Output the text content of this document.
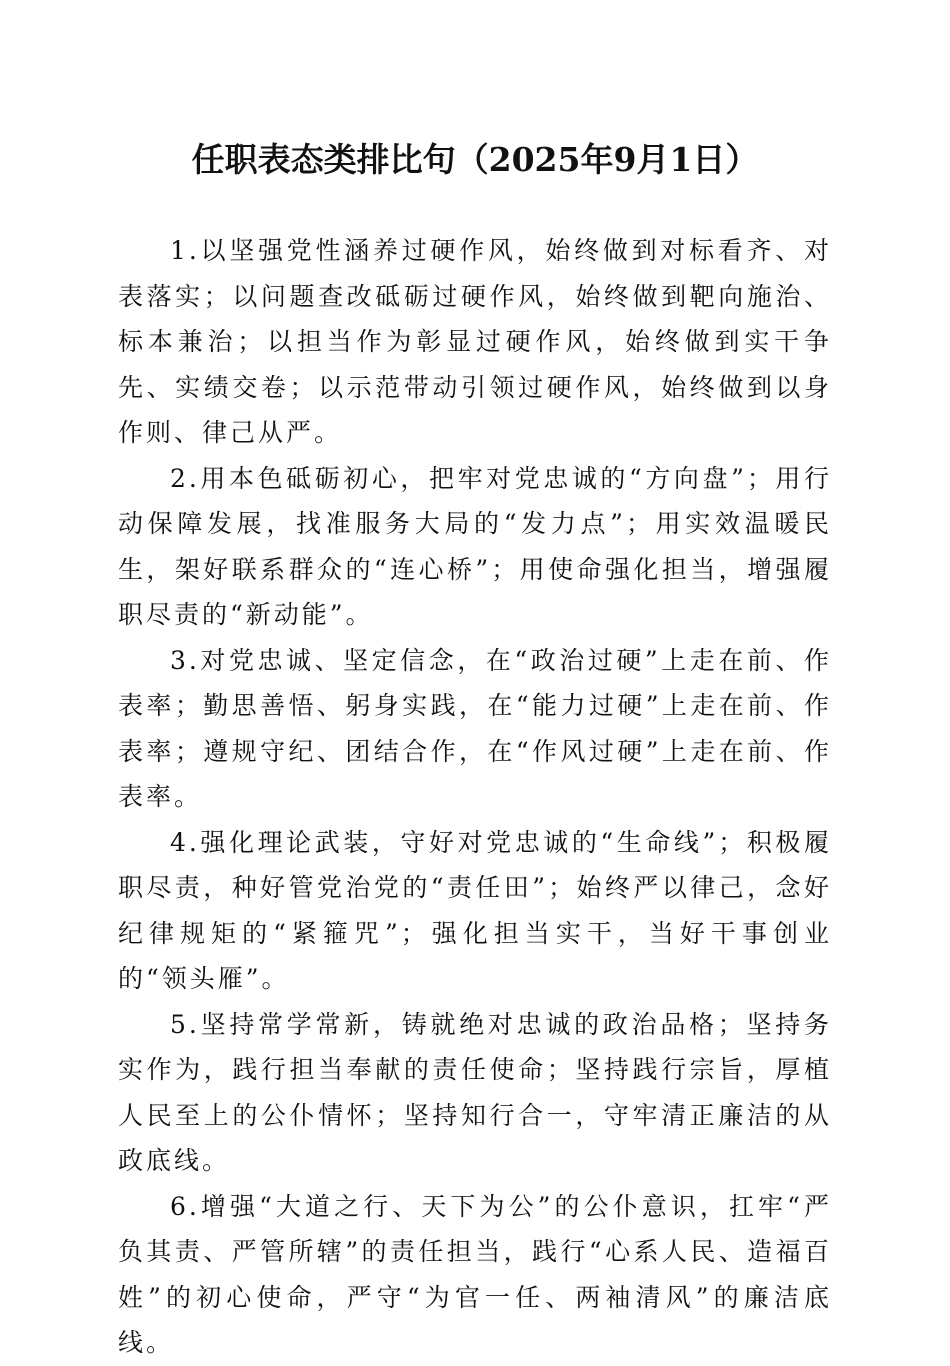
任职表态类排比句（2025年9月1日）

1.以坚强党性涵养过硬作风，始终做到对标看齐、对表落实；以问题查改砥砺过硬作风，始终做到靶向施治、标本兼治；以担当作为彰显过硬作风，始终做到实干争先、实绩交卷；以示范带动引领过硬作风，始终做到以身作则、律己从严。

2.用本色砥砺初心，把牢对党忠诚的“方向盘”；用行动保障发展，找准服务大局的“发力点”；用实效温暖民生，架好联系群众的“连心桥”；用使命强化担当，增强履职尽责的“新动能”。

3.对党忠诚、坚定信念，在“政治过硬”上走在前、作表率；勤思善悟、躬身实践，在“能力过硬”上走在前、作表率；遵规守纪、团结合作，在“作风过硬”上走在前、作表率。

4.强化理论武装，守好对党忠诚的“生命线”；积极履职尽责，种好管党治党的“责任田”；始终严以律己，念好纪律规矩的“紧箍咒”；强化担当实干，当好干事创业的“领头雁”。

5.坚持常学常新，铸就绝对忠诚的政治品格；坚持务实作为，践行担当奉献的责任使命；坚持践行宗旨，厚植人民至上的公仆情怀；坚持知行合一，守牢清正廉洁的从政底线。

6.增强“大道之行、天下为公”的公仆意识，扛牢“严负其责、严管所辖”的责任担当，践行“心系人民、造福百姓”的初心使命，严守“为官一任、两袖清风”的廉洁底线。
